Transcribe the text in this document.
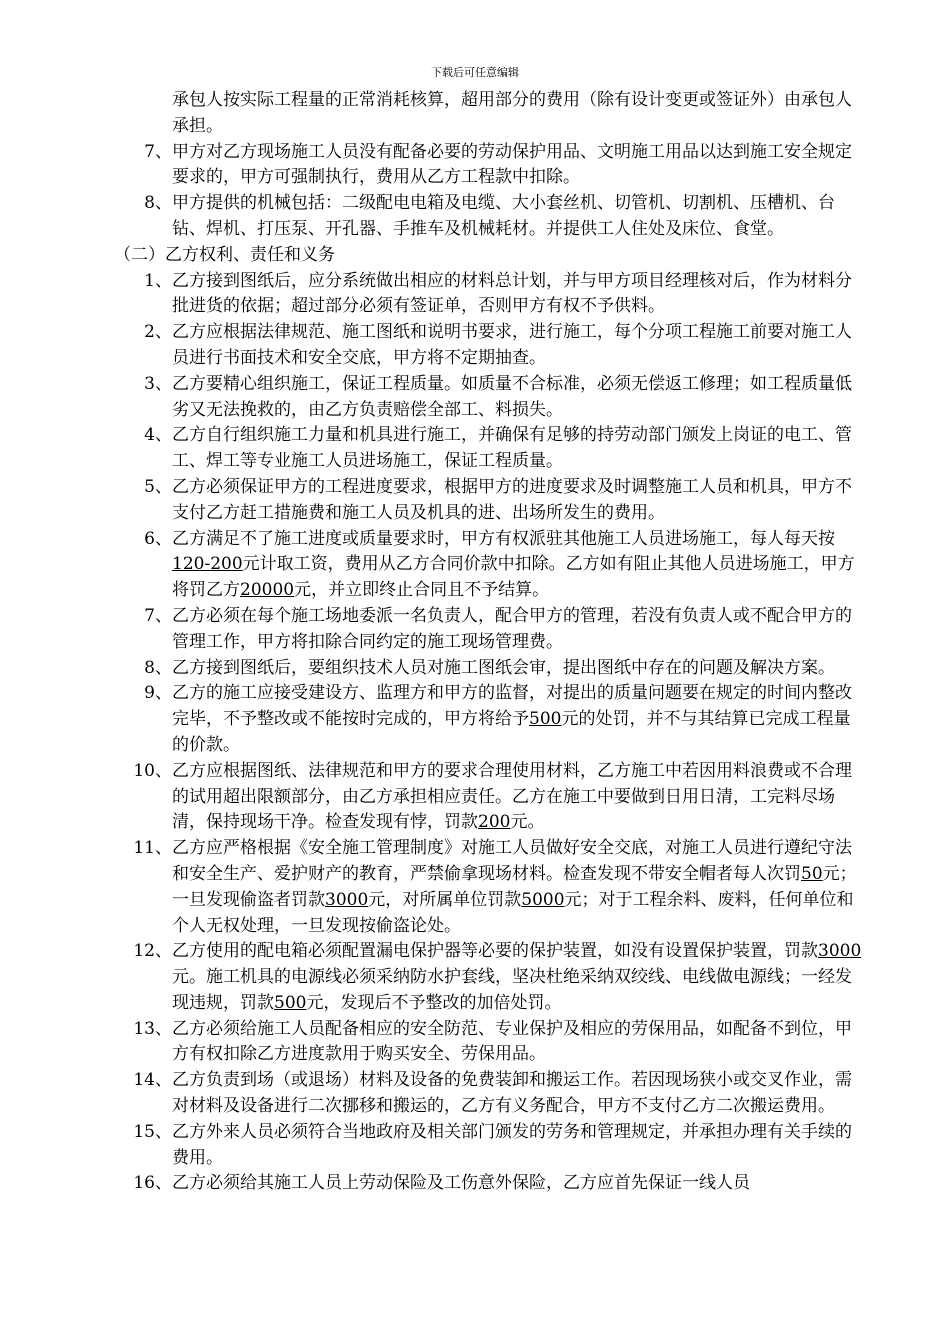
下载后可任意编辑
承包人按实际工程量的正常消耗核算，超用部分的费用（除有设计变更或签证外）由承包人承担。
7、 甲方对乙方现场施工人员没有配备必要的劳动保护用品、文明施工用品以达到施工安全规定要求的，甲方可强制执行，费用从乙方工程款中扣除。
8、 甲方提供的机械包括：二级配电电箱及电缆、大小套丝机、切管机、切割机、压槽机、台钻、焊机、打压泵、开孔器、手推车及机械耗材。并提供工人住处及床位、食堂。
（二）乙方权利、责任和义务
1、 乙方接到图纸后，应分系统做出相应的材料总计划，并与甲方项目经理核对后，作为材料分批进货的依据；超过部分必须有签证单，否则甲方有权不予供料。
2、 乙方应根据法律规范、施工图纸和说明书要求，进行施工，每个分项工程施工前要对施工人员进行书面技术和安全交底，甲方将不定期抽查。
3、 乙方要精心组织施工，保证工程质量。如质量不合标准，必须无偿返工修理；如工程质量低劣又无法挽救的，由乙方负责赔偿全部工、料损失。
4、 乙方自行组织施工力量和机具进行施工，并确保有足够的持劳动部门颁发上岗证的电工、管工、焊工等专业施工人员进场施工，保证工程质量。
5、 乙方必须保证甲方的工程进度要求，根据甲方的进度要求及时调整施工人员和机具，甲方不支付乙方赶工措施费和施工人员及机具的进、出场所发生的费用。
6、 乙方满足不了施工进度或质量要求时，甲方有权派驻其他施工人员进场施工，每人每天按120-200元计取工资，费用从乙方合同价款中扣除。乙方如有阻止其他人员进场施工，甲方将罚乙方20000元，并立即终止合同且不予结算。
7、 乙方必须在每个施工场地委派一名负责人，配合甲方的管理，若没有负责人或不配合甲方的管理工作，甲方将扣除合同约定的施工现场管理费。
8、 乙方接到图纸后，要组织技术人员对施工图纸会审，提出图纸中存在的问题及解决方案。
9、 乙方的施工应接受建设方、监理方和甲方的监督，对提出的质量问题要在规定的时间内整改完毕，不予整改或不能按时完成的，甲方将给予500元的处罚，并不与其结算已完成工程量的价款。
10、 乙方应根据图纸、法律规范和甲方的要求合理使用材料，乙方施工中若因用料浪费或不合理的试用超出限额部分，由乙方承担相应责任。乙方在施工中要做到日用日清，工完料尽场清，保持现场干净。检查发现有悖，罚款200元。
11、 乙方应严格根据《安全施工管理制度》对施工人员做好安全交底，对施工人员进行遵纪守法和安全生产、爱护财产的教育，严禁偷拿现场材料。检查发现不带安全帽者每人次罚50元；一旦发现偷盗者罚款3000元，对所属单位罚款5000元；对于工程余料、废料，任何单位和个人无权处理，一旦发现按偷盗论处。
12、 乙方使用的配电箱必须配置漏电保护器等必要的保护装置，如没有设置保护装置，罚款3000元。施工机具的电源线必须采纳防水护套线，坚决杜绝采纳双绞线、电线做电源线；一经发现违规，罚款500元，发现后不予整改的加倍处罚。
13、 乙方必须给施工人员配备相应的安全防范、专业保护及相应的劳保用品，如配备不到位，甲方有权扣除乙方进度款用于购买安全、劳保用品。
14、 乙方负责到场（或退场）材料及设备的免费装卸和搬运工作。若因现场狭小或交叉作业，需对材料及设备进行二次挪移和搬运的，乙方有义务配合，甲方不支付乙方二次搬运费用。
15、 乙方外来人员必须符合当地政府及相关部门颁发的劳务和管理规定，并承担办理有关手续的费用。
16、 乙方必须给其施工人员上劳动保险及工伤意外保险，乙方应首先保证一线人员
